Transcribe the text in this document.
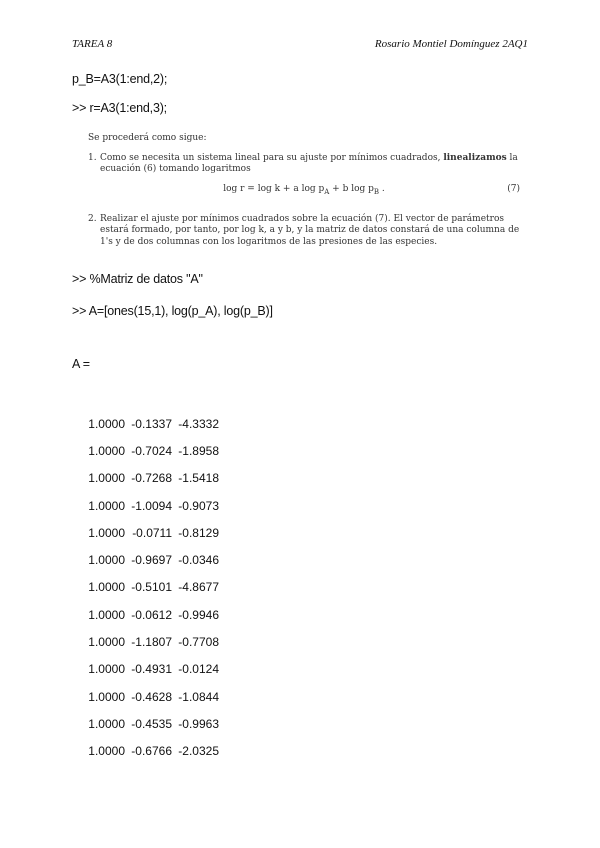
TAREA 8	Rosario Montiel Domínguez 2AQ1
p_B=A3(1:end,2);
>> r=A3(1:end,3);

Se procederá como sigue:

1. Como se necesita un sistema lineal para su ajuste por mínimos cuadrados, linealizamos la ecuación (6) tomando logaritmos
log r = log k + a $\log p_A + b$ $\log p_B$ .	(7)
2. Realizar el ajuste por mínimos cuadrados sobre la ecuación (7). El vector de parámetros estará formado, por tanto, por log k, a y b, y la matriz de datos constará de una columna de 1's y de dos columnas con los logaritmos de las presiones de las especies.
>> %Matriz de datos "A"
>> A=[ones(15,1), log(p_A), log(p_B)]
A =
1.0000	-0.1337	-4.3332
1.0000	-0.7024	-1.8958
1.0000	-0.7268	-1.5418
1.0000	-1.0094	-0.9073
1.0000	-0.0711	-0.8129
1.0000	-0.9697	-0.0346
1.0000	-0.5101	-4.8677
1.0000	-0.0612	-0.9946
1.0000	-1.1807	-0.7708
1.0000	-0.4931	-0.0124
1.0000	-0.4628	-1.0844
1.0000	-0.4535	-0.9963
1.0000	-0.6766	-2.0325
